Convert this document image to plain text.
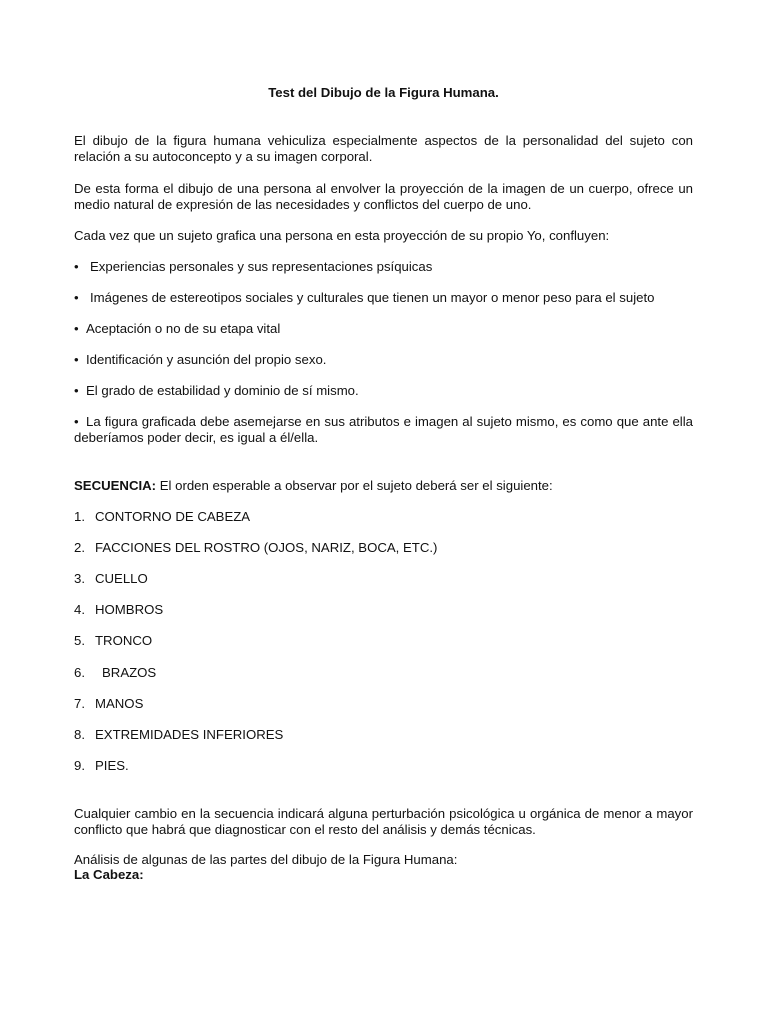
Test del Dibujo de la Figura Humana.

El dibujo de la figura humana vehiculiza especialmente aspectos de la personalidad del sujeto con relación a su autoconcepto y a su imagen corporal.

De esta forma el dibujo de una persona al envolver la proyección de la imagen de un cuerpo, ofrece un medio natural de expresión de las necesidades y conflictos del cuerpo de uno.

Cada vez que un sujeto grafica una persona en esta proyección de su propio Yo, confluyen:

• Experiencias personales y sus representaciones psíquicas

• Imágenes de estereotipos sociales y culturales que tienen un mayor o menor peso para el sujeto

• Aceptación o no de su etapa vital

• Identificación y asunción del propio sexo.

• El grado de estabilidad y dominio de sí mismo.

• La figura graficada debe asemejarse en sus atributos e imagen al sujeto mismo, es como que ante ella deberíamos poder decir, es igual a él/ella.

SECUENCIA: El orden esperable a observar por el sujeto deberá ser el siguiente:

1. CONTORNO DE CABEZA

2. FACCIONES DEL ROSTRO (OJOS, NARIZ, BOCA, ETC.)

3. CUELLO

4. HOMBROS

5. TRONCO

6. BRAZOS

7. MANOS

8. EXTREMIDADES INFERIORES

9. PIES.

Cualquier cambio en la secuencia indicará alguna perturbación psicológica u orgánica de menor a mayor conflicto que habrá que diagnosticar con el resto del análisis y demás técnicas.

Análisis de algunas de las partes del dibujo de la Figura Humana:

La Cabeza:
